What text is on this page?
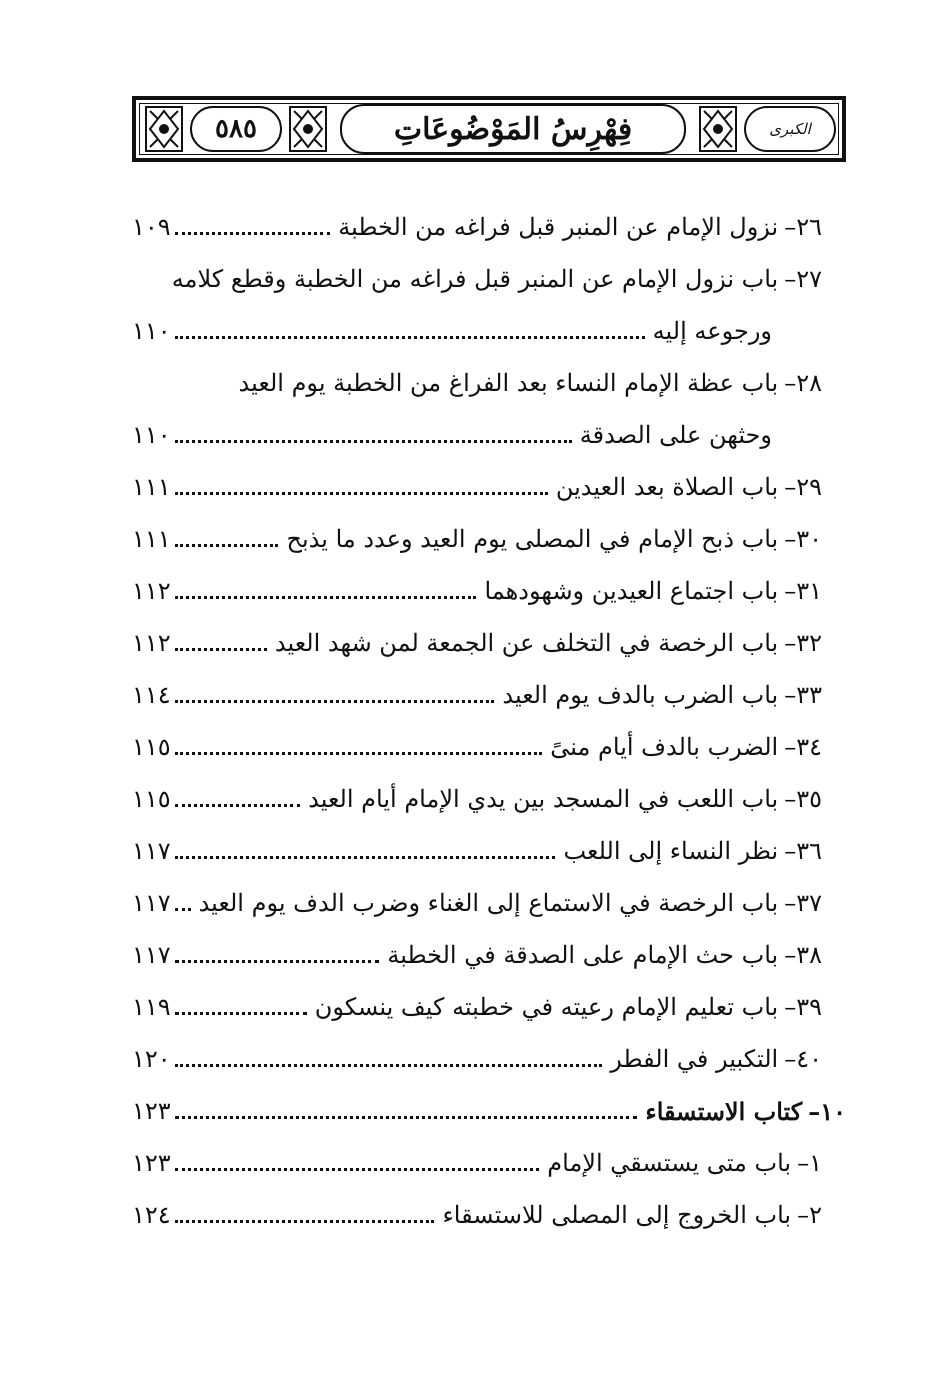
٥٨٥	فِهْرِسُ المَوْضُوعَاتِ	الكبرى
٢٦–
نزول الإمام عن المنبر قبل فراغه من الخطبة
١٠٩
٢٧–
باب نزول الإمام عن المنبر قبل فراغه من الخطبة وقطع كلامه
ورجوعه إليه
١١٠
٢٨–
باب عظة الإمام النساء بعد الفراغ من الخطبة يوم العيد
وحثهن على الصدقة
١١٠
٢٩–
باب الصلاة بعد العيدين
١١١
٣٠–
باب ذبح الإمام في المصلى يوم العيد وعدد ما يذبح
١١١
٣١–
باب اجتماع العيدين وشهودهما
١١٢
٣٢–
باب الرخصة في التخلف عن الجمعة لمن شهد العيد
١١٢
٣٣–
باب الضرب بالدف يوم العيد
١١٤
٣٤–
الضرب بالدف أيام منىً
١١٥
٣٥–
باب اللعب في المسجد بين يدي الإمام أيام العيد
١١٥
٣٦–
نظر النساء إلى اللعب
١١٧
٣٧–
باب الرخصة في الاستماع إلى الغناء وضرب الدف يوم العيد
١١٧
٣٨–
باب حث الإمام على الصدقة في الخطبة
١١٧
٣٩–
باب تعليم الإمام رعيته في خطبته كيف ينسكون
١١٩
٤٠–
التكبير في الفطر
١٢٠
١٠–
كتاب الاستسقاء
١٢٣
١–
باب متى يستسقي الإمام
١٢٣
٢–
باب الخروج إلى المصلى للاستسقاء
١٢٤
